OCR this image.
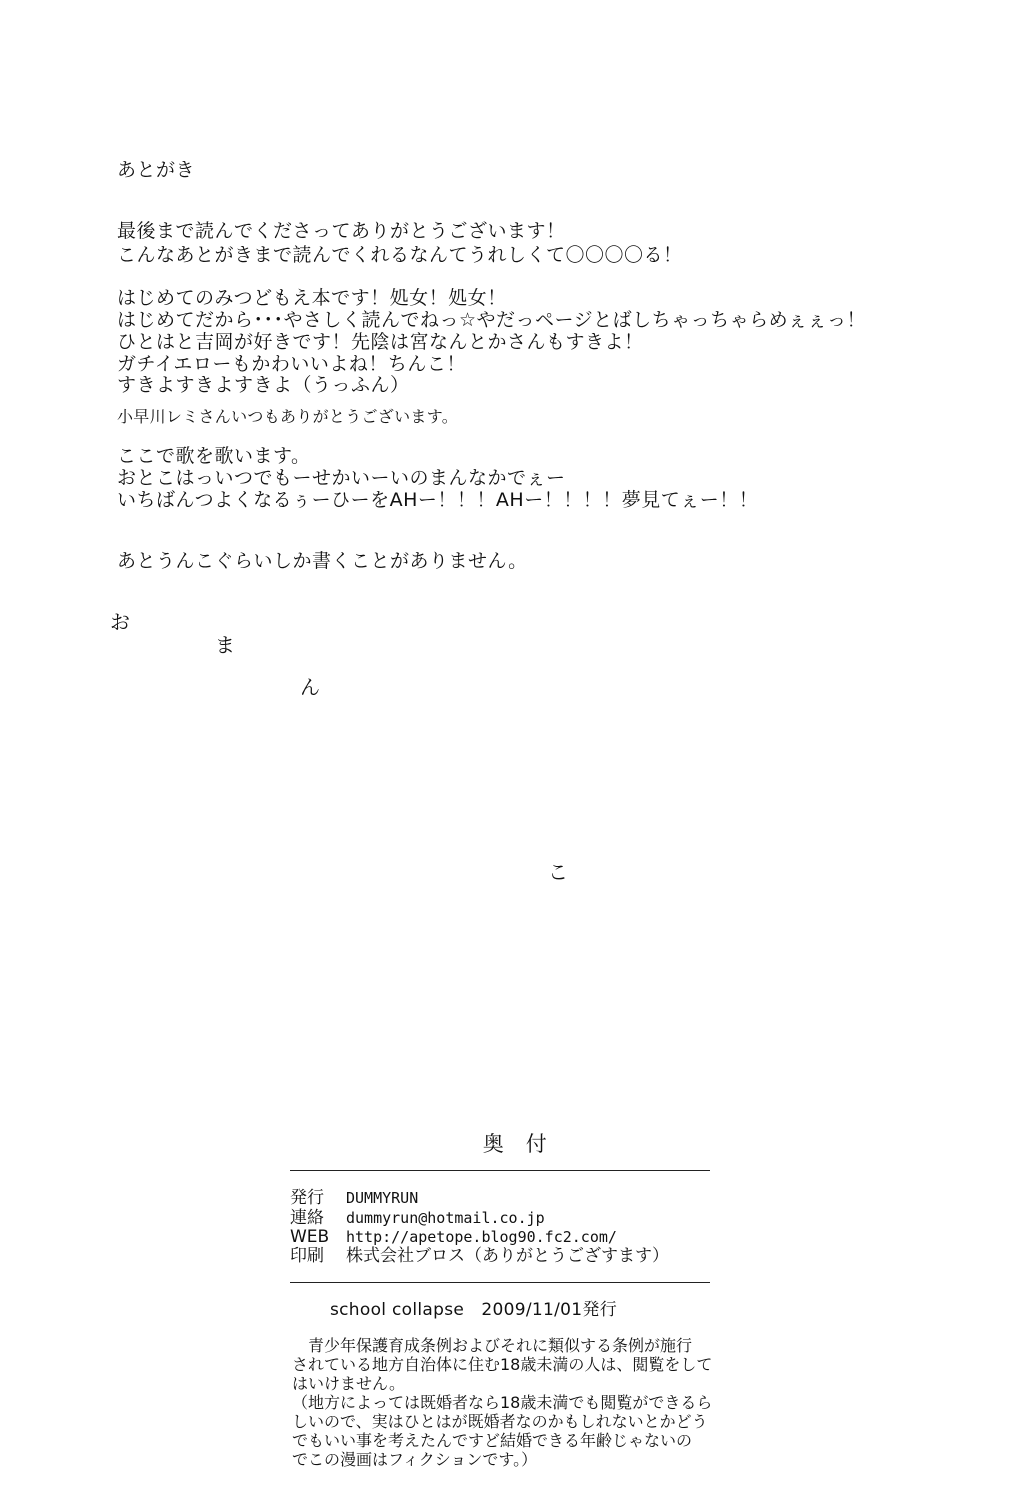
あとがき
最後まで読んでくださってありがとうございます！
こんなあとがきまで読んでくれるなんてうれしくて〇〇〇〇る！
はじめてのみつどもえ本です！処女！処女！
はじめてだから･･･やさしく読んでねっ☆やだっページとばしちゃっちゃらめぇぇっ！
ひとはと吉岡が好きです！先陰は宮なんとかさんもすきよ！
ガチイエローもかわいいよね！ちんこ！
すきよすきよすきよ（うっふん）
小早川レミさんいつもありがとうございます。
ここで歌を歌います。
おとこはっいつでもーせかいーいのまんなかでぇー
いちばんつよくなるぅーひーをAHー！！！AHー！！！！夢見てぇー！！
あとうんこぐらいしか書くことがありません。
お
ま
ん
こ
奥　付
発行 DUMMYRUN
連絡 dummyrun@hotmail.co.jp
WEB http://apetope.blog90.fc2.com/
印刷 株式会社ブロス（ありがとうござすます）
school collapse　2009/11/01発行
　青少年保護育成条例およびそれに類似する条例が施行
されている地方自治体に住む18歳未満の人は、閲覧をして
はいけません。
（地方によっては既婚者なら18歳未満でも閲覧ができるら
しいので、実はひとはが既婚者なのかもしれないとかどう
でもいい事を考えたんですど結婚できる年齢じゃないの
でこの漫画はフィクションです。）
